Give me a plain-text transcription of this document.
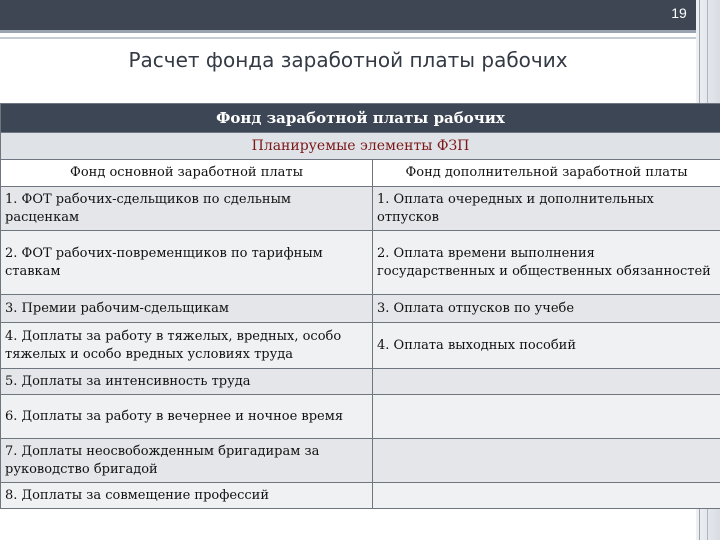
19
Расчет фонда заработной платы рабочих
Фонд заработной платы рабочих	
Планируемые элементы ФЗП	
Фонд основной заработной платы	Фонд дополнительной заработной платы
1. ФОТ рабочих-сдельщиков по сдельным расценкам	1. Оплата очередных и дополнительных отпусков
2. ФОТ рабочих-повременщиков по тарифным ставкам	2. Оплата времени выполнения государственных и общественных обязанностей
3. Премии рабочим-сдельщикам	3. Оплата отпусков по учебе
4. Доплаты за работу в тяжелых, вредных, особо тяжелых и особо вредных условиях труда	4. Оплата выходных пособий
5. Доплаты за интенсивность труда	
6. Доплаты за работу в вечернее и ночное время	
7. Доплаты неосвобожденным бригадирам за руководство бригадой	
8. Доплаты за совмещение профессий	
